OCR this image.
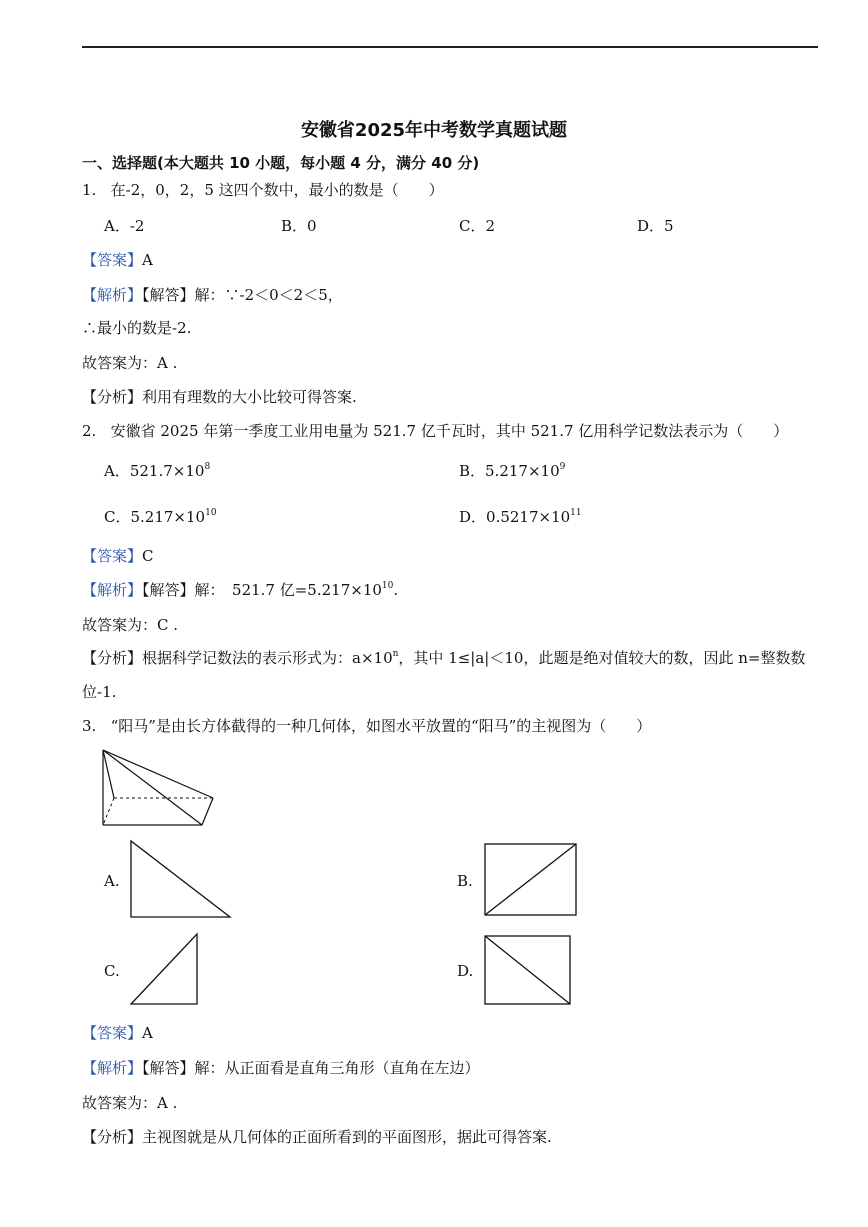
安徽省2025年中考数学真题试题
一、选择题(本大题共 10 小题，每小题 4 分，满分 40 分)
1. 在-2，0，2，5 这四个数中，最小的数是（　　）
A．-2	B．0	C．2	D．5
【答案】A
【解析】【解答】解：∵-2＜0＜2＜5，
∴最小的数是-2.
故答案为：A .
【分析】利用有理数的大小比较可得答案.
2. 安徽省 2025 年第一季度工业用电量为 521.7 亿千瓦时，其中 521.7 亿用科学记数法表示为（　　）
A．$521.7\times 10^8$	B．$5.217\times 10^9$
C．$5.217\times 10^{10}$	D．$0.5217\times 10^{11}$
【答案】C
【解析】【解答】解：　521.7 亿$=5.217\times 10^{10}$.
故答案为：C .
【分析】根据科学记数法的表示形式为：$a\times 10^n$，其中 1≤|a|＜10，此题是绝对值较大的数，因此 n=整数数
位-1.
3. “阳马”是由长方体截得的一种几何体，如图水平放置的“阳马”的主视图为（　　）
A.	B.
C.	D.
【答案】A
【解析】【解答】解：从正面看是直角三角形（直角在左边）
故答案为：A .
【分析】主视图就是从几何体的正面所看到的平面图形，据此可得答案.
